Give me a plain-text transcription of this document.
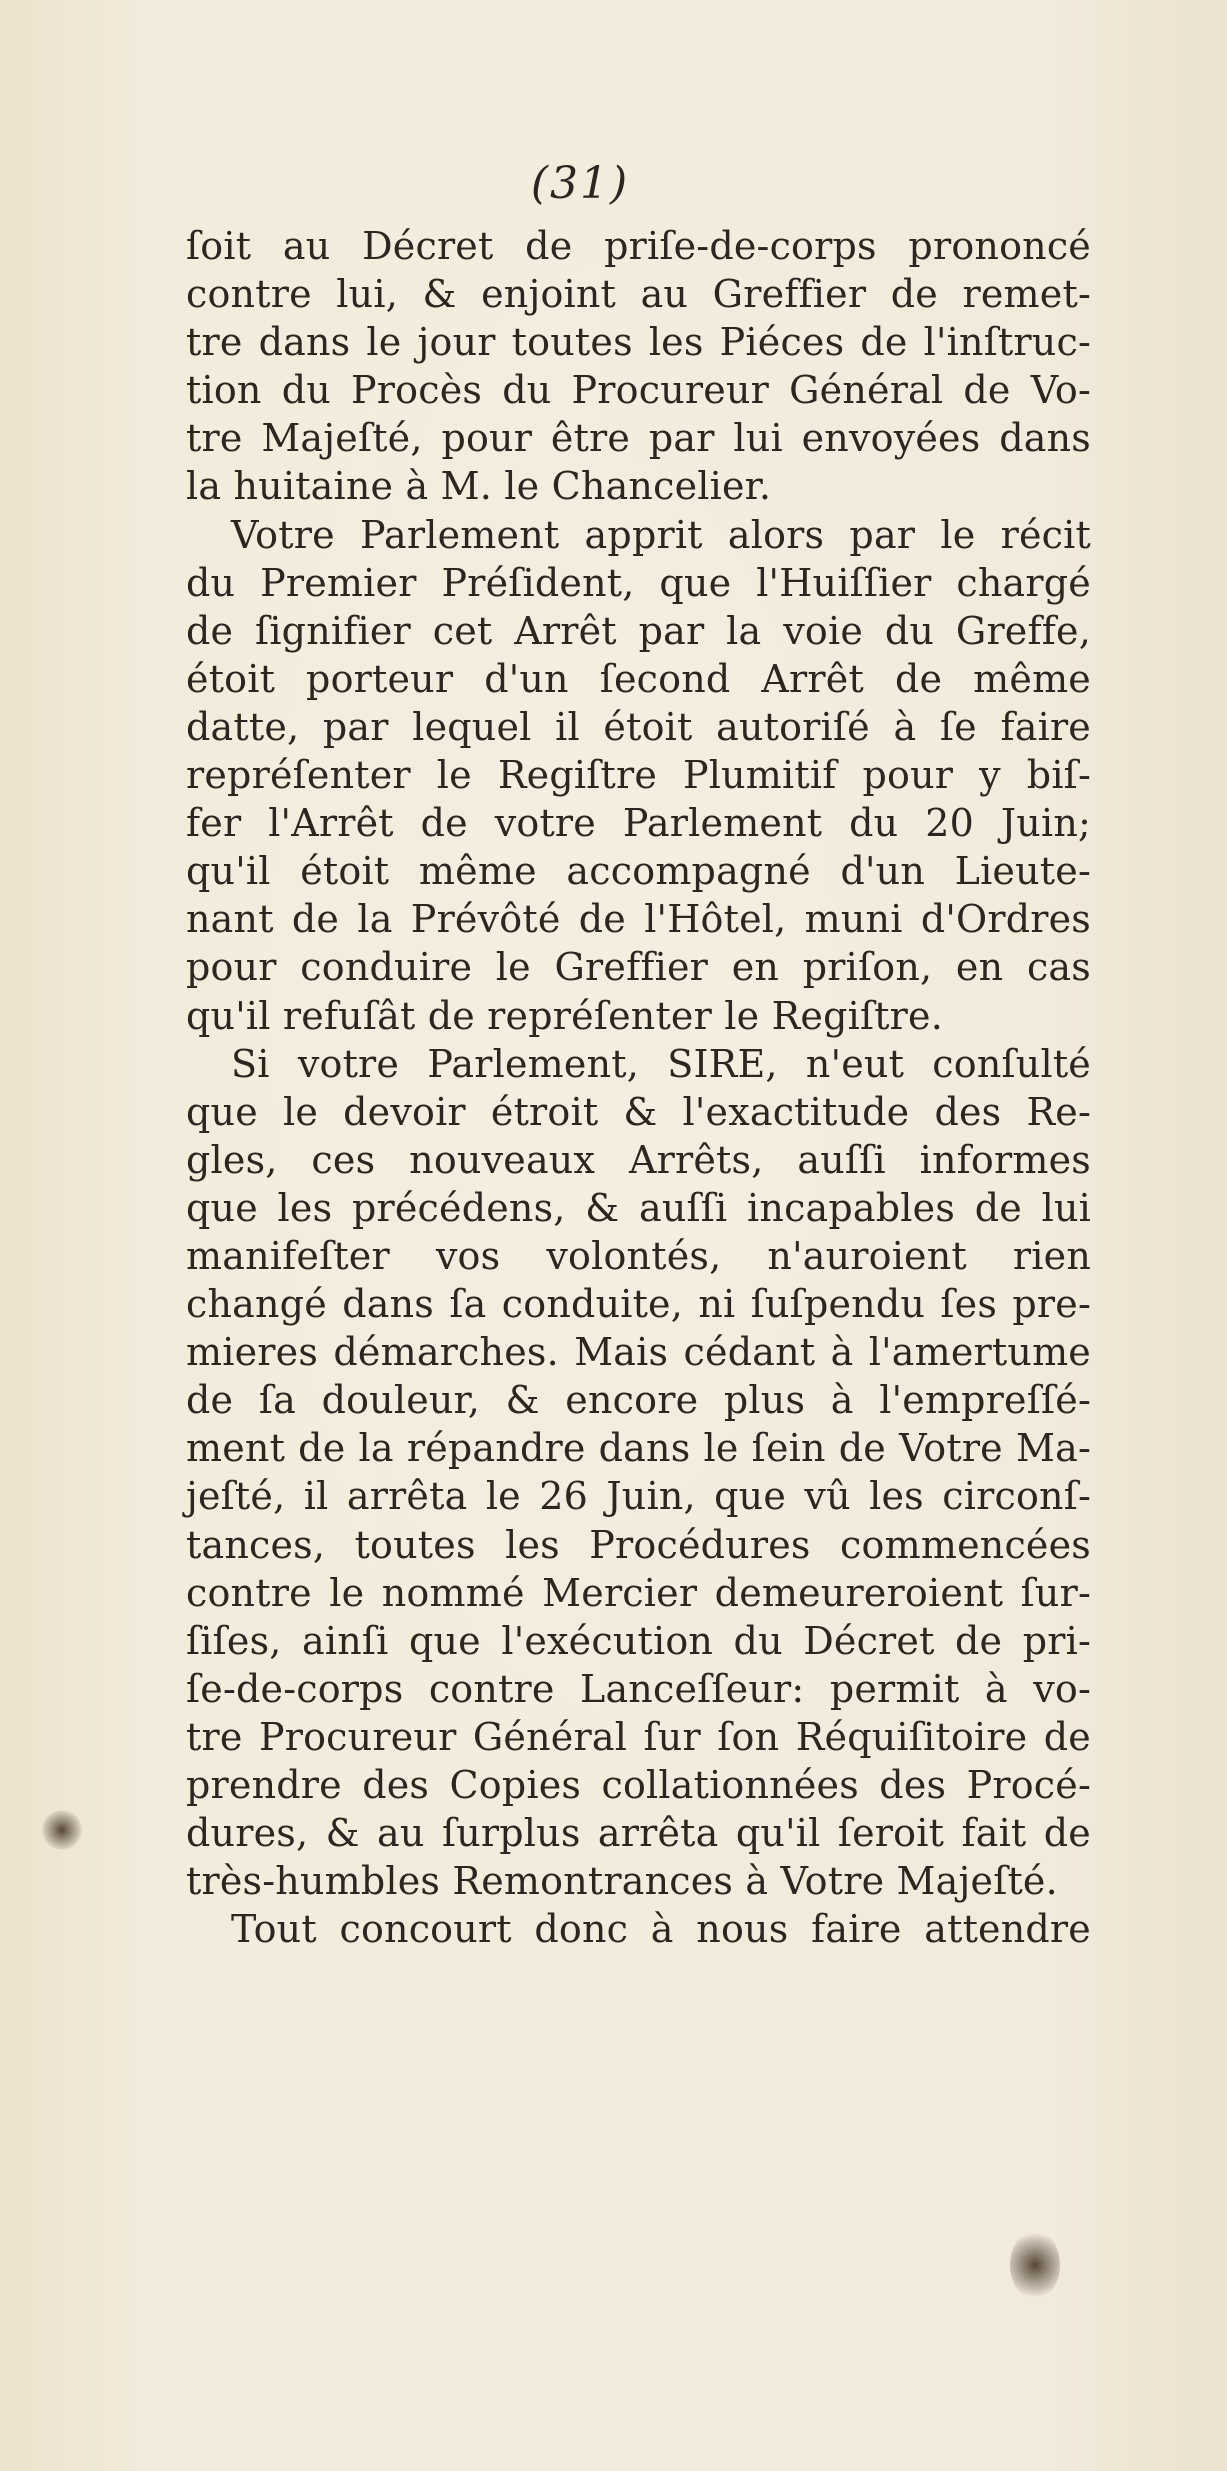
(31)
ſoit au Décret de priſe-de-corps prononcé
contre lui, & enjoint au Greffier de remet-
tre dans le jour toutes les Piéces de l'inſtruc-
tion du Procès du Procureur Général de Vo-
tre Majeſté, pour être par lui envoyées dans
la huitaine à M. le Chancelier.
Votre Parlement apprit alors par le récit
du Premier Préſident, que l'Huiſſier chargé
de ſignifier cet Arrêt par la voie du Greffe,
étoit porteur d'un ſecond Arrêt de même
datte, par lequel il étoit autoriſé à ſe faire
repréſenter le Regiſtre Plumitif pour y biſ-
fer l'Arrêt de votre Parlement du 20 Juin;
qu'il étoit même accompagné d'un Lieute-
nant de la Prévôté de l'Hôtel, muni d'Ordres
pour conduire le Greffier en priſon, en cas
qu'il refuſât de repréſenter le Regiſtre.
Si votre Parlement, SIRE, n'eut conſulté
que le devoir étroit & l'exactitude des Re-
gles, ces nouveaux Arrêts, auſſi informes
que les précédens, & auſſi incapables de lui
manifeſter vos volontés, n'auroient rien
changé dans ſa conduite, ni ſuſpendu ſes pre-
mieres démarches. Mais cédant à l'amertume
de ſa douleur, & encore plus à l'empreſſé-
ment de la répandre dans le ſein de Votre Ma-
jeſté, il arrêta le 26 Juin, que vû les circonſ-
tances, toutes les Procédures commencées
contre le nommé Mercier demeureroient ſur-
ſiſes, ainſi que l'exécution du Décret de pri-
ſe-de-corps contre Lanceſſeur: permit à vo-
tre Procureur Général ſur ſon Réquiſitoire de
prendre des Copies collationnées des Procé-
dures, & au ſurplus arrêta qu'il ſeroit fait de
très-humbles Remontrances à Votre Majeſté.
Tout concourt donc à nous faire attendre
